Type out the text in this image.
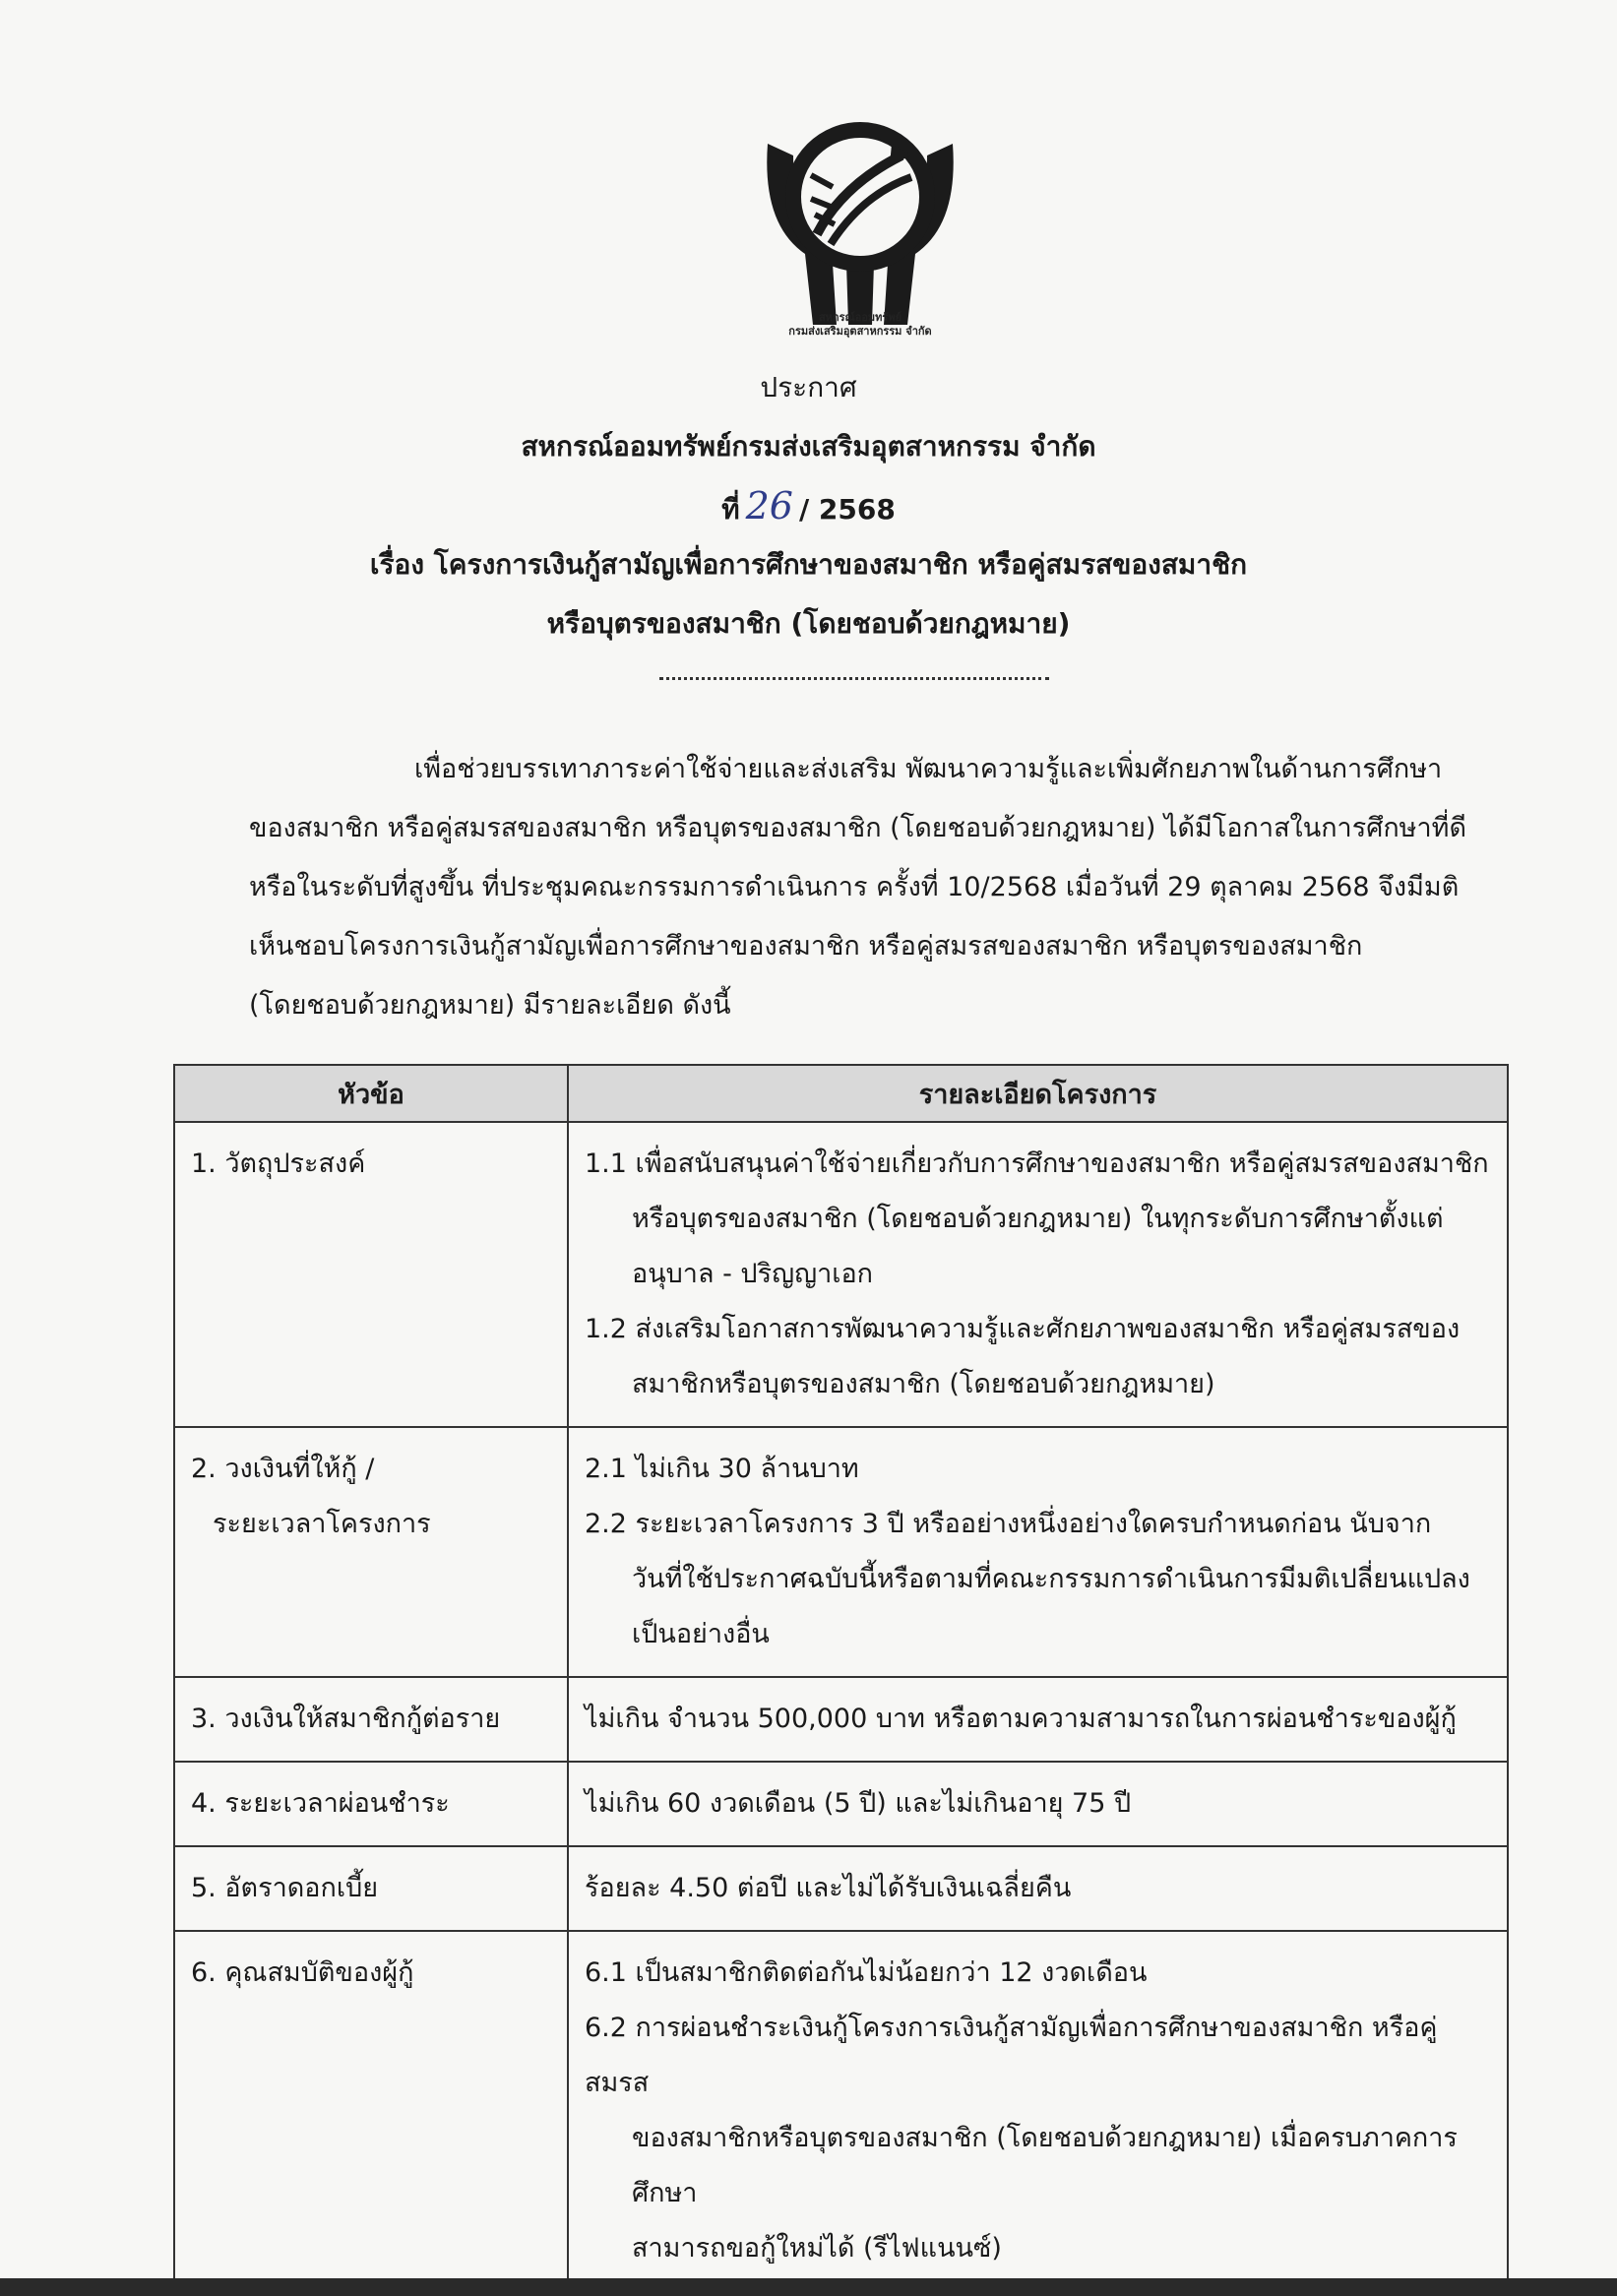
สหกรณ์ออมทรัพย์
กรมส่งเสริมอุตสาหกรรม จำกัด
ประกาศ
สหกรณ์ออมทรัพย์กรมส่งเสริมอุตสาหกรรม จำกัด
ที่ 26 / 2568
เรื่อง โครงการเงินกู้สามัญเพื่อการศึกษาของสมาชิก หรือคู่สมรสของสมาชิก
หรือบุตรของสมาชิก (โดยชอบด้วยกฎหมาย)
เพื่อช่วยบรรเทาภาระค่าใช้จ่ายและส่งเสริม พัฒนาความรู้และเพิ่มศักยภาพในด้านการศึกษา
ของสมาชิก หรือคู่สมรสของสมาชิก หรือบุตรของสมาชิก (โดยชอบด้วยกฎหมาย) ได้มีโอกาสในการศึกษาที่ดี
หรือในระดับที่สูงขึ้น ที่ประชุมคณะกรรมการดำเนินการ ครั้งที่ 10/2568 เมื่อวันที่ 29 ตุลาคม 2568 จึงมีมติ
เห็นชอบโครงการเงินกู้สามัญเพื่อการศึกษาของสมาชิก หรือคู่สมรสของสมาชิก หรือบุตรของสมาชิก
(โดยชอบด้วยกฎหมาย) มีรายละเอียด ดังนี้
หัวข้อ	รายละเอียดโครงการ
1. วัตถุประสงค์	1.1 เพื่อสนับสนุนค่าใช้จ่ายเกี่ยวกับการศึกษาของสมาชิก หรือคู่สมรสของสมาชิก
หรือบุตรของสมาชิก (โดยชอบด้วยกฎหมาย) ในทุกระดับการศึกษาตั้งแต่
อนุบาล - ปริญญาเอก
1.2 ส่งเสริมโอกาสการพัฒนาความรู้และศักยภาพของสมาชิก หรือคู่สมรสของ
สมาชิกหรือบุตรของสมาชิก (โดยชอบด้วยกฎหมาย)

2. วงเงินที่ให้กู้ /
ระยะเวลาโครงการ	2.1 ไม่เกิน 30 ล้านบาท
2.2 ระยะเวลาโครงการ 3 ปี หรืออย่างหนึ่งอย่างใดครบกำหนดก่อน นับจาก
วันที่ใช้ประกาศฉบับนี้หรือตามที่คณะกรรมการดำเนินการมีมติเปลี่ยนแปลง
เป็นอย่างอื่น

3. วงเงินให้สมาชิกกู้ต่อราย	ไม่เกิน จำนวน 500,000 บาท หรือตามความสามารถในการผ่อนชำระของผู้กู้
4. ระยะเวลาผ่อนชำระ	ไม่เกิน 60 งวดเดือน (5 ปี) และไม่เกินอายุ 75 ปี
5. อัตราดอกเบี้ย	ร้อยละ 4.50 ต่อปี และไม่ได้รับเงินเฉลี่ยคืน
6. คุณสมบัติของผู้กู้	6.1 เป็นสมาชิกติดต่อกันไม่น้อยกว่า 12 งวดเดือน
6.2 การผ่อนชำระเงินกู้โครงการเงินกู้สามัญเพื่อการศึกษาของสมาชิก หรือคู่สมรส
ของสมาชิกหรือบุตรของสมาชิก (โดยชอบด้วยกฎหมาย) เมื่อครบภาคการศึกษา
สามารถขอกู้ใหม่ได้ (รีไฟแนนซ์)
